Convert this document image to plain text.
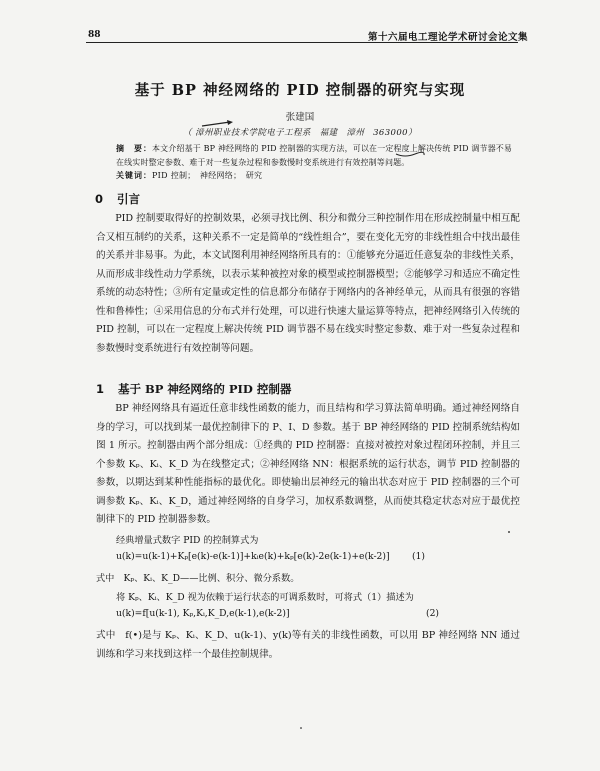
88	第十六届电工理论学术研讨会论文集
基于 BP 神经网络的 PID 控制器的研究与实现
张建国
（ 漳州职业技术学院电子工程系　福建　漳州　363000）
摘　要：本文介绍基于 BP 神经网络的 PID 控制器的实现方法，可以在一定程度上解决传统 PID 调节器不易在线实时整定参数、难于对一些复杂过程和参数慢时变系统进行有效控制等问题。
关键词：PID 控制；　神经网络；　研究
0 引言
PID 控制要取得好的控制效果，必须寻找比例、积分和微分三种控制作用在形成控制量中相互配合又相互制约的关系，这种关系不一定是简单的“线性组合”，要在变化无穷的非线性组合中找出最佳的关系并非易事。为此，本文试图利用神经网络所具有的：①能够充分逼近任意复杂的非线性关系，从而形成非线性动力学系统，以表示某种被控对象的模型或控制器模型；②能够学习和适应不确定性系统的动态特性；③所有定量或定性的信息都分布储存于网络内的各神经单元，从而具有很强的容错性和鲁棒性；④采用信息的分布式并行处理，可以进行快速大量运算等特点，把神经网络引入传统的 PID 控制，可以在一定程度上解决传统 PID 调节器不易在线实时整定参数、难于对一些复杂过程和参数慢时变系统进行有效控制等问题。
1 基于 BP 神经网络的 PID 控制器
BP 神经网络具有逼近任意非线性函数的能力，而且结构和学习算法简单明确。通过神经网络自身的学习，可以找到某一最优控制律下的 P、I、D 参数。基于 BP 神经网络的 PID 控制系统结构如图 1 所示。控制器由两个部分组成：①经典的 PID 控制器：直接对被控对象过程闭环控制，并且三个参数 Kₚ、Kᵢ、K_D 为在线整定式；②神经网络 NN：根据系统的运行状态，调节 PID 控制器的参数，以期达到某种性能指标的最优化。即使输出层神经元的输出状态对应于 PID 控制器的三个可调参数 Kₚ、Kᵢ、K_D，通过神经网络的自身学习，加权系数调整，从而使其稳定状态对应于最优控制律下的 PID 控制器参数。
经典增量式数字 PID 的控制算式为
u(k)=u(k-1)+Kₚ[e(k)-e(k-1)]+kᵢe(k)+kₚ[e(k)-2e(k-1)+e(k-2)] (1)
式中　Kₚ、Kᵢ、K_D——比例、积分、微分系数。
将 Kₚ、Kᵢ、K_D 视为依赖于运行状态的可调系数时，可将式（1）描述为
u(k)=f[u(k-1), Kₚ,Kᵢ,K_D,e(k-1),e(k-2)]	(2)
式中　f(•)是与 Kₚ、Kᵢ、K_D、u(k-1)、y(k)等有关的非线性函数，可以用 BP 神经网络 NN 通过训练和学习来找到这样一个最佳控制规律。
